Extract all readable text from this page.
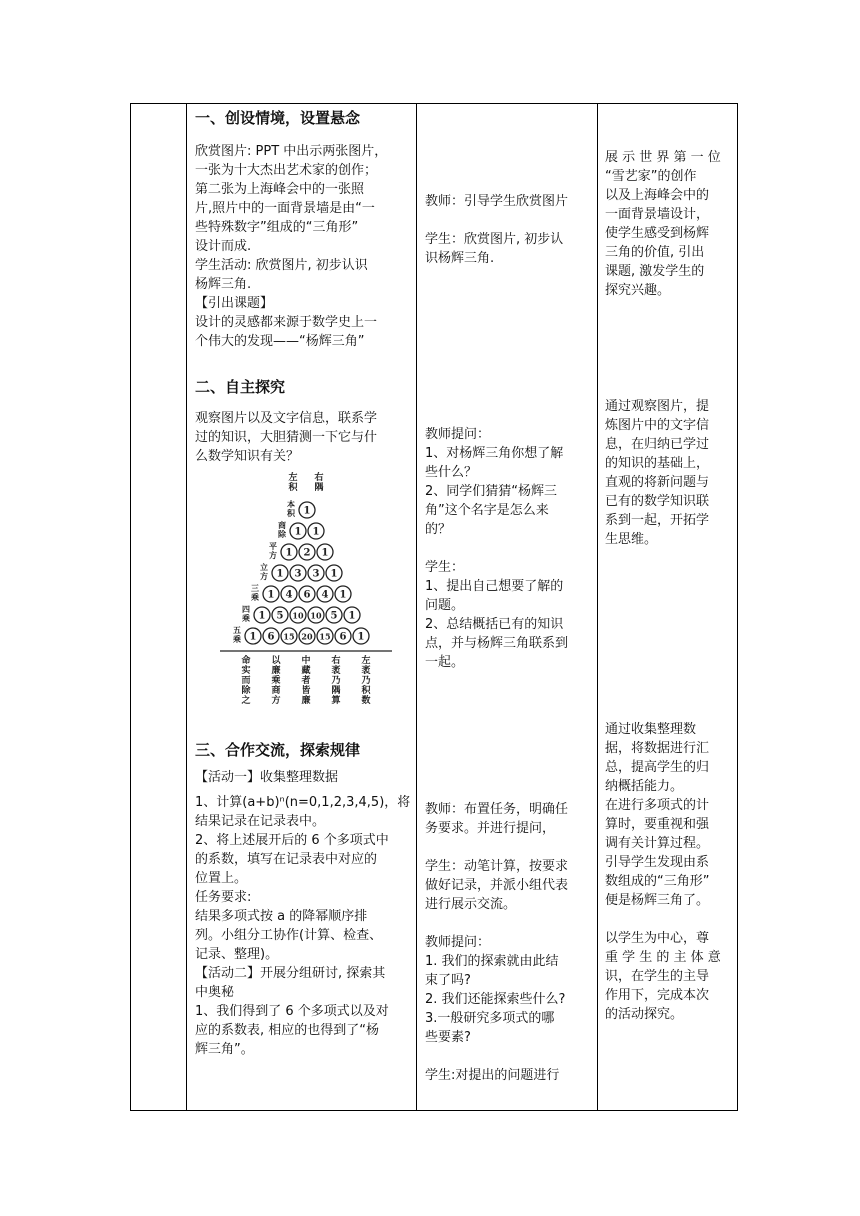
一、创设情境，设置悬念

欣赏图片: PPT 中出示两张图片，

一张为十大杰出艺术家的创作；

第二张为上海峰会中的一张照

片,照片中的一面背景墙是由“一

些特殊数字”组成的“三角形”

设计而成.

学生活动: 欣赏图片, 初步认识

杨辉三角.

【引出课题】

设计的灵感都来源于数学史上一

个伟大的发现——“杨辉三角”

二、自主探究

观察图片以及文字信息，联系学

过的知识，大胆猜测一下它与什

么数学知识有关？

左
积
右
隅
本
积 1
商
除 1 1
平
方 1 2 1
立
方 1 3 3 1
三
乘 1 4 6 4 1
四
乘 1 5 10 10 5 1
五
乘 1 6 15 20 15 6 1
命
实
而
除
之
以
廉
乘
商
方
中
藏
者
皆
廉
右
袤
乃
隅
算
左
袤
乃
积
数

三、合作交流，探索规律

【活动一】收集整理数据

1、计算(a+b)ⁿ(n=0,1,2,3,4,5)，将

结果记录在记录表中。

2、将上述展开后的 6 个多项式中

的系数，填写在记录表中对应的

位置上。

任务要求:

结果多项式按 a 的降幂顺序排

列。小组分工协作(计算、检查、

记录、整理)。

【活动二】开展分组研讨, 探索其

中奥秘

1、我们得到了 6 个多项式以及对

应的系数表, 相应的也得到了“杨

辉三角”。

教师：引导学生欣赏图片

学生：欣赏图片, 初步认

识杨辉三角.

教师提问：

1、对杨辉三角你想了解

些什么？

2、同学们猜猜“杨辉三

角”这个名字是怎么来

的？

学生：

1、提出自己想要了解的

问题。

2、总结概括已有的知识

点，并与杨辉三角联系到

一起。

教师：布置任务，明确任

务要求。并进行提问，

学生：动笔计算，按要求

做好记录，并派小组代表

进行展示交流。

教师提问：

1. 我们的探索就由此结

束了吗?

2. 我们还能探索些什么?

3.一般研究多项式的哪

些要素?

学生:对提出的问题进行

展 示 世 界 第 一 位

“雪艺家”的创作

以及上海峰会中的

一面背景墙设计，

使学生感受到杨辉

三角的价值, 引出

课题, 激发学生的

探究兴趣。

通过观察图片，提

炼图片中的文字信

息，在归纳已学过

的知识的基础上，

直观的将新问题与

已有的数学知识联

系到一起，开拓学

生思维。

通过收集整理数

据，将数据进行汇

总，提高学生的归

纳概括能力。

在进行多项式的计

算时，要重视和强

调有关计算过程。

引导学生发现由系

数组成的“三角形”

便是杨辉三角了。

以学生为中心，尊

重 学 生 的 主 体 意

识，在学生的主导

作用下，完成本次

的活动探究。
